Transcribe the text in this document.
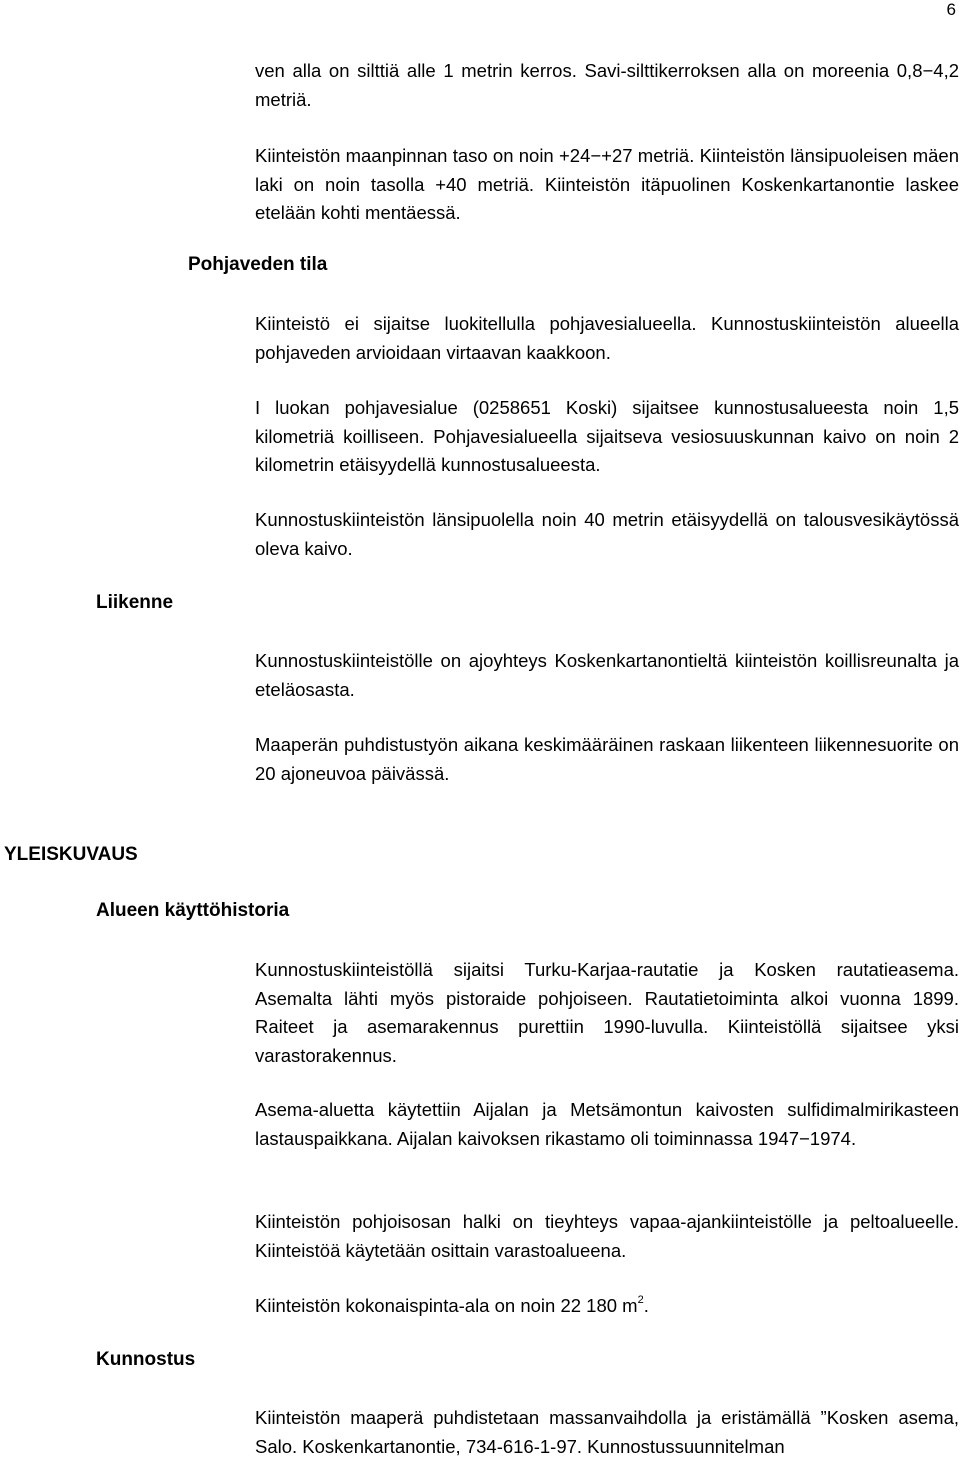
6

ven alla on silttiä alle 1 metrin kerros. Savi-silttikerroksen alla on moreenia 0,8−4,2 metriä.

Kiinteistön maanpinnan taso on noin +24−+27 metriä. Kiinteistön länsipuoleisen mäen laki on noin tasolla +40 metriä. Kiinteistön itäpuolinen Koskenkartanontie laskee etelään kohti mentäessä.

Pohjaveden tila

Kiinteistö ei sijaitse luokitellulla pohjavesialueella. Kunnostuskiinteistön alueella pohjaveden arvioidaan virtaavan kaakkoon.

I luokan pohjavesialue (0258651 Koski) sijaitsee kunnostusalueesta noin 1,5 kilometriä koilliseen. Pohjavesialueella sijaitseva vesiosuuskunnan kaivo on noin 2 kilometrin etäisyydellä kunnostusalueesta.

Kunnostuskiinteistön länsipuolella noin 40 metrin etäisyydellä on talousvesikäytössä oleva kaivo.

Liikenne

Kunnostuskiinteistölle on ajoyhteys Koskenkartanontieltä kiinteistön koillisreunalta ja eteläosasta.

Maaperän puhdistustyön aikana keskimääräinen raskaan liikenteen liikennesuorite on 20 ajoneuvoa päivässä.

YLEISKUVAUS
Alueen käyttöhistoria

Kunnostuskiinteistöllä sijaitsi Turku-Karjaa-rautatie ja Kosken rautatieasema. Asemalta lähti myös pistoraide pohjoiseen. Rautatietoiminta alkoi vuonna 1899. Raiteet ja asemarakennus purettiin 1990-luvulla. Kiinteistöllä sijaitsee yksi varastorakennus.

Asema-aluetta käytettiin Aijalan ja Metsämontun kaivosten sulfidimalmirikasteen lastauspaikkana. Aijalan kaivoksen rikastamo oli toiminnassa 1947−1974.

Kiinteistön pohjoisosan halki on tieyhteys vapaa-ajankiinteistölle ja peltoalueelle. Kiinteistöä käytetään osittain varastoalueena.

Kiinteistön kokonaispinta-ala on noin 22 180 $m^2$.

Kunnostus

Kiinteistön maaperä puhdistetaan massanvaihdolla ja eristämällä ”Kosken asema, Salo. Koskenkartanontie, 734-616-1-97. Kunnostussuunnitelman
